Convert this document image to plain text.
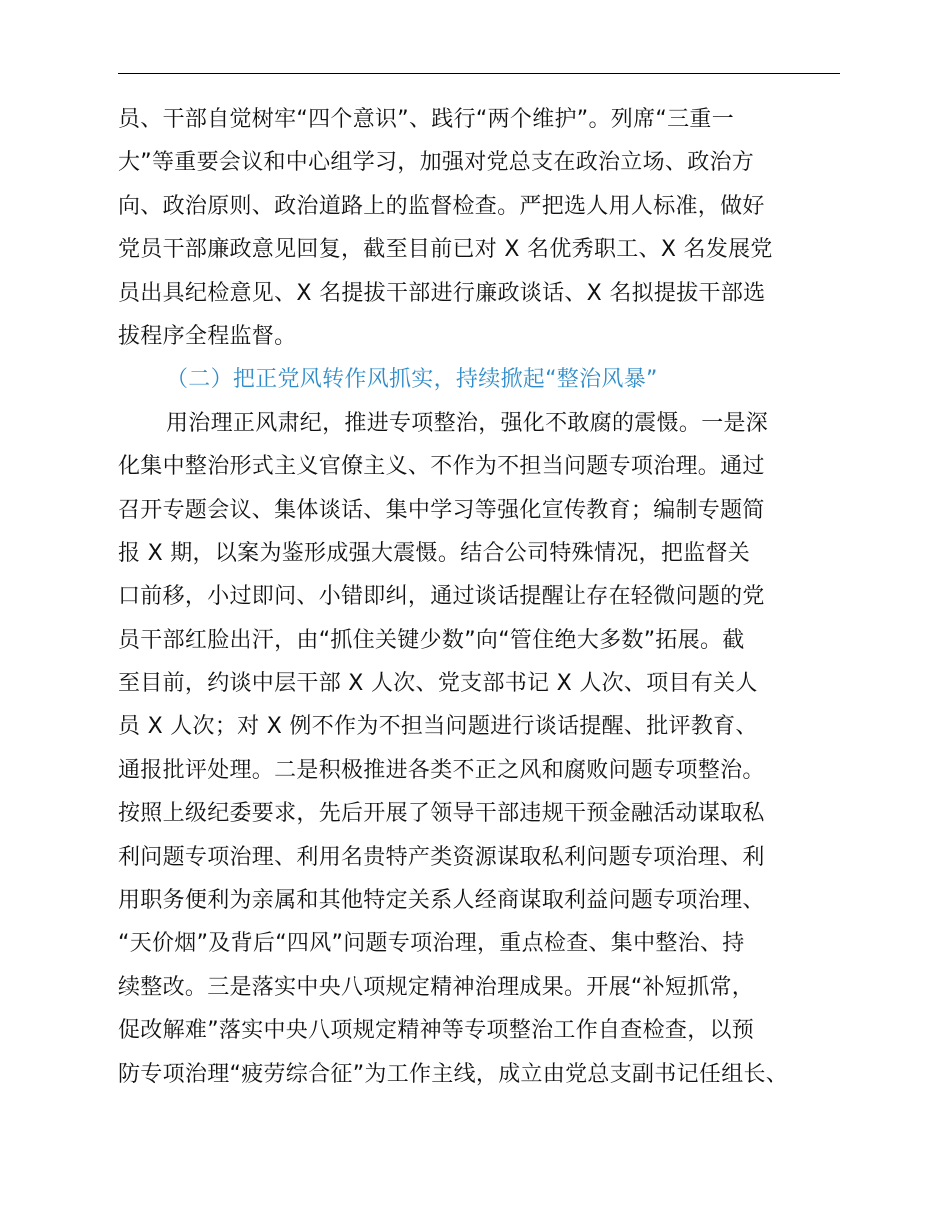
员、干部自觉树牢“四个意识”、践行“两个维护”。列席“三重一
大”等重要会议和中心组学习，加强对党总支在政治立场、政治方
向、政治原则、政治道路上的监督检查。严把选人用人标准，做好
党员干部廉政意见回复，截至目前已对 X 名优秀职工、X 名发展党
员出具纪检意见、X 名提拔干部进行廉政谈话、X 名拟提拔干部选
拔程序全程监督。
（二）把正党风转作风抓实，持续掀起“整治风暴”
用治理正风肃纪，推进专项整治，强化不敢腐的震慑。一是深
化集中整治形式主义官僚主义、不作为不担当问题专项治理。通过
召开专题会议、集体谈话、集中学习等强化宣传教育；编制专题简
报 X 期，以案为鉴形成强大震慑。结合公司特殊情况，把监督关
口前移，小过即问、小错即纠，通过谈话提醒让存在轻微问题的党
员干部红脸出汗，由“抓住关键少数”向“管住绝大多数”拓展。截
至目前，约谈中层干部 X 人次、党支部书记 X 人次、项目有关人
员 X 人次；对 X 例不作为不担当问题进行谈话提醒、批评教育、
通报批评处理。二是积极推进各类不正之风和腐败问题专项整治。
按照上级纪委要求，先后开展了领导干部违规干预金融活动谋取私
利问题专项治理、利用名贵特产类资源谋取私利问题专项治理、利
用职务便利为亲属和其他特定关系人经商谋取利益问题专项治理、
“天价烟”及背后“四风”问题专项治理，重点检查、集中整治、持
续整改。三是落实中央八项规定精神治理成果。开展“补短抓常，
促改解难”落实中央八项规定精神等专项整治工作自查检查，以预
防专项治理“疲劳综合征”为工作主线，成立由党总支副书记任组长、
